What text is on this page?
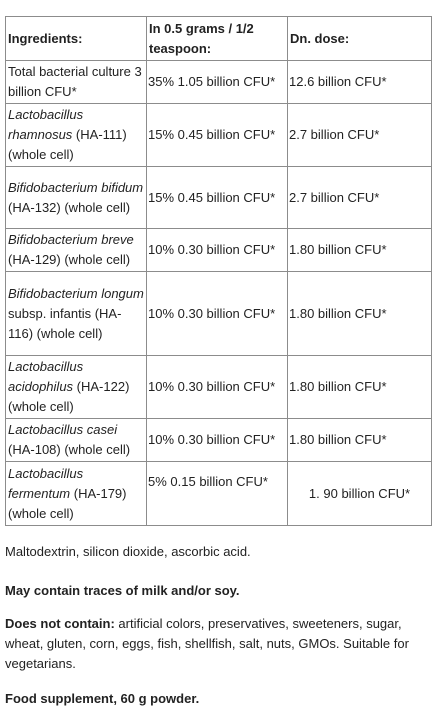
Ingredients:	In 0.5 grams / 1/2 teaspoon:	Dn. dose:
Total bacterial culture 3 billion CFU*	35% 1.05 billion CFU*	12.6 billion CFU*
Lactobacillus rhamnosus (HA-111) (whole cell)	15% 0.45 billion CFU*	2.7 billion CFU*
Bifidobacterium bifidum (HA-132) (whole cell)	15% 0.45 billion CFU*	2.7 billion CFU*
Bifidobacterium breve (HA-129) (whole cell)	10% 0.30 billion CFU*	1.80 billion CFU*
Bifidobacterium longum subsp. infantis (HA-116) (whole cell)	10% 0.30 billion CFU*	1.80 billion CFU*
Lactobacillus acidophilus (HA-122) (whole cell)	10% 0.30 billion CFU*	1.80 billion CFU*
Lactobacillus casei (HA-108) (whole cell)	10% 0.30 billion CFU*	1.80 billion CFU*
Lactobacillus fermentum (HA-179) (whole cell)	5% 0.15 billion CFU*	1. 90 billion CFU*

Maltodextrin, silicon dioxide, ascorbic acid.

May contain traces of milk and/or soy.

Does not contain: artificial colors, preservatives, sweeteners, sugar, wheat, gluten, corn, eggs, fish, shellfish, salt, nuts, GMOs. Suitable for vegetarians.

Food supplement, 60 g powder.
